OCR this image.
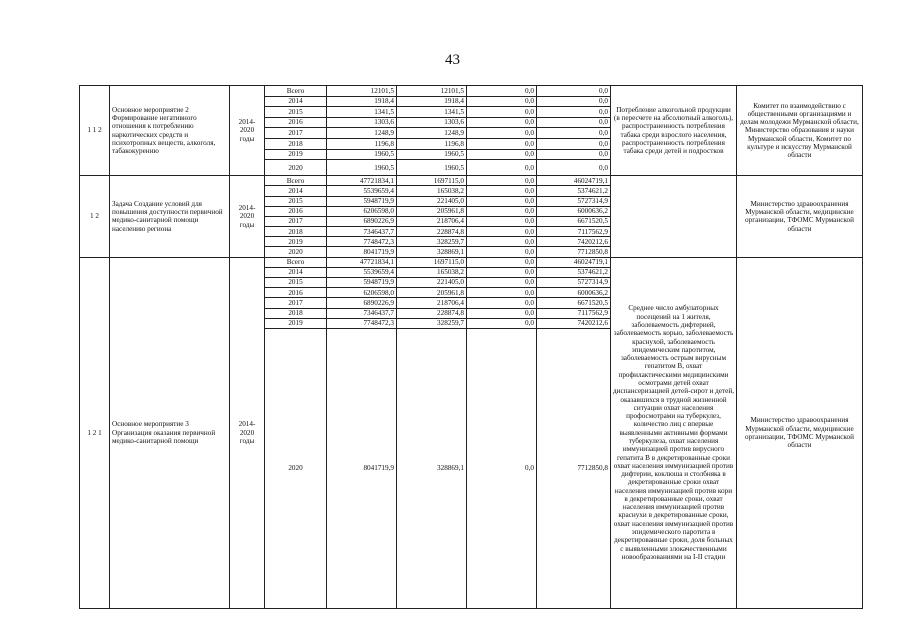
43
1 1 2	Основное мероприятие 2 Формирование негативного отношения к потреблению наркотических средств и психотропных веществ, алкоголя, табакокурению	2014-2020 годы	Всего	12101,5	12101,5	0,0	0,0	Потребление алкогольной продукции (в пересчете на абсолютный алкоголь), распространенность потребления табака среди взрослого населения, распространенность потребления табака среди детей и подростков	Комитет по взаимодействию с общественными организациями и делам молодежи Мурманской области, Министерство образования и науки Мурманской области, Комитет по культуре и искусству Мурманской области
			2014	1918,4	1918,4	0,0	0,0		
			2015	1341,5	1341,5	0,0	0,0		
			2016	1303,6	1303,6	0,0	0,0		
			2017	1248,9	1248,9	0,0	0,0		
			2018	1196,8	1196,8	0,0	0,0		
			2019	1960,5	1960,5	0,0	0,0		
			2020	1960,5	1960,5	0,0	0,0		
1 2	Задача Создание условий для повышения доступности первичной медико-санитарной помощи населению региона	2014-2020 годы	Всего	47721834,1	1697115,0	0,0	46024719,1		Министерство здравоохранения Мурманской области, медицинские организации, ТФОМС Мурманской области
			2014	5539659,4	165038,2	0,0	5374621,2		
			2015	5948719,9	221405,0	0,0	5727314,9		
			2016	6206598,0	205961,8	0,0	6000636,2		
			2017	6890226,9	218706,4	0,0	6671520,5		
			2018	7346437,7	228874,8	0,0	7117562,9		
			2019	7748472,3	328259,7	0,0	7420212,6		
			2020	8041719,9	328869,1	0,0	7712850,8		
1 2 1	Основное мероприятие 3 Организация оказания первичной медико-санитарной помощи	2014-2020 годы	Всего	47721834,1	1697115,0	0,0	46024719,1	Среднее число амбулаторных посещений на 1 жителя, заболеваемость дифтерией, заболеваемость корью, заболеваемость краснухой, заболеваемость эпидемическим паротитом, заболеваемость острым вирусным гепатитом В, охват профилактическими медицинскими осмотрами детей охват диспансеризацией детей-сирот и детей, оказавшихся в трудной жизненной ситуации охват населения профосмотрами на туберкулез, количество лиц с впервые выявленными активными формами туберкулеза, охват населения иммунизацией против вирусного гепатита В в декретированные сроки охват населения иммунизацией против дифтерии, коклюша и столбняка в декретированные сроки охват населения иммунизацией против кори в декретированные сроки, охват населения иммунизацией против краснухи в декретированные сроки, охват населения иммунизацией против эпидемического паротита в декретированные сроки, доля больных с выявленными злокачественными новообразованиями на I-II стадии	Министерство здравоохранения Мурманской области, медицинские организации, ТФОМС Мурманской области
			2014	5539659,4	165038,2	0,0	5374621,2		
			2015	5948719,9	221405,0	0,0	5727314,9		
			2016	6206598,0	205961,8	0,0	6000636,2		
			2017	6890226,9	218706,4	0,0	6671520,5		
			2018	7346437,7	228874,8	0,0	7117562,9		
			2019	7748472,3	328259,7	0,0	7420212,6		
			2020	8041719,9	328869,1	0,0	7712850,8		
